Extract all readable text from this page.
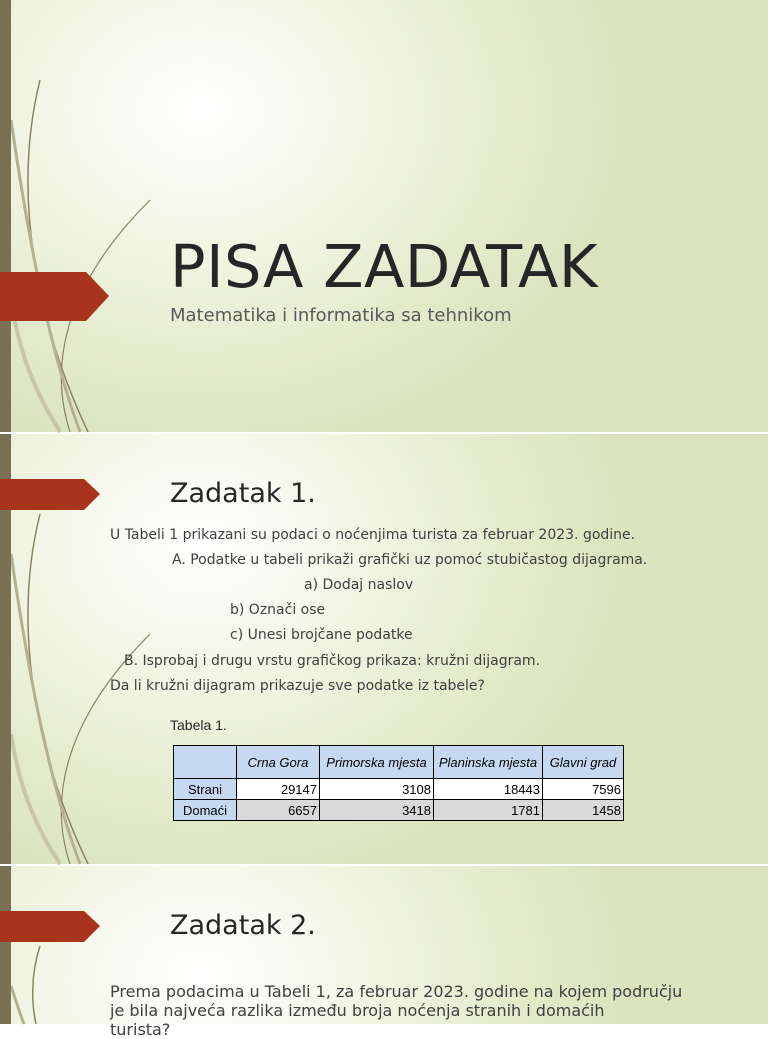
PISA ZADATAK

Matematika i informatika sa tehnikom

Zadatak 1.
U Tabeli 1 prikazani su podaci o noćenjima turista za februar 2023. godine.
A. Podatke u tabeli prikaži grafički uz pomoć stubičastog dijagrama.
a) Dodaj naslov
b) Označi ose
c) Unesi brojčane podatke
B. Isprobaj i drugu vrstu grafičkog prikaza: kružni dijagram.
Da li kružni dijagram prikazuje sve podatke iz tabele?
Tabela 1.
	Crna Gora	Primorska mjesta	Planinska mjesta	Glavni grad
Strani	29147	3108	18443	7596
Domaći	6657	3418	1781	1458
Zadatak 2.
Prema podacima u Tabeli 1, za februar 2023. godine na kojem području
je bila najveća razlika između broja noćenja stranih i domaćih
turista?
